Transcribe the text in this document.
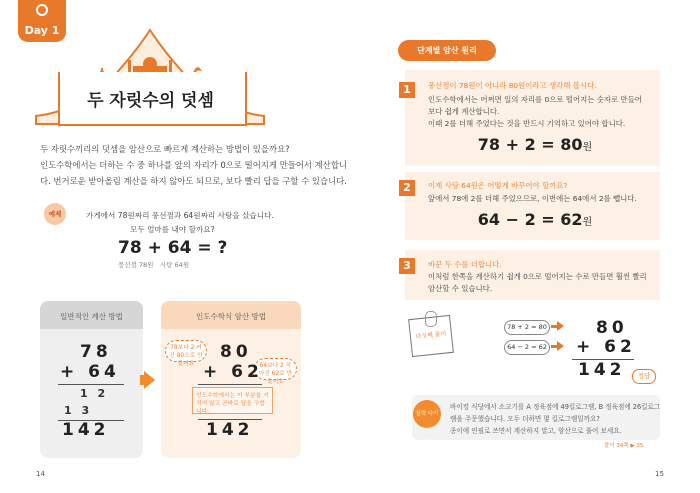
Day 1
두 자릿수의 덧셈
두 자릿수끼리의 덧셈을 암산으로 빠르게 계산하는 방법이 있을까요?
인도수학에서는 더하는 수 중 하나를 앞의 자리가 0으로 떨어지게 만들어서 계산합니
다. 번거로운 받아올림 계산을 하지 않아도 되므로, 보다 빨리 답을 구할 수 있습니다.
예제	가게에서 78원짜리 풍선껌과 64원짜리 사탕을 샀습니다.
모두 얼마를 내야 할까요?
78 + 64 = ?
풍선껌 78원 사탕 64원
일반적인 계산 방법
78
+ 64
1 2
1 3
142
인도수학식 암산 방법
78보다 2 커진 80으로 만들어요	64보다 2 작아진 62로 만들어요
80
+ 62
인도수학에서는 이 부분을 거치지 않고 곧바로 답을 구합니다.
142
14
단계별 암산 원리
1	풍선껌이 78원이 아니라 80원이라고 생각해 봅시다.
인도수학에서는 어쩌면 일의 자리를 0으로 떨어지는 숫자로 만들어
보다 쉽게 계산합니다.
이때 2를 더해 주었다는 것을 반드시 기억하고 있어야 합니다.
78 + 2 = 80원
2	이제 사탕 64원은 어떻게 바꾸어야 할까요?
앞에서 78에 2를 더해 주었으므로, 이번에는 64에서 2를 뺍니다.
64 − 2 = 62원
3	바꾼 두 수를 더합니다.
이처럼 한쪽을 계산하기 쉽게 0으로 떨어지는 수로 만들면 훨씬 빨리
암산할 수 있습니다.
다섯째 풀이
78 + 2 = 80
64 − 2 = 62
80
+ 62
142	정답
실력 다지기!
바이킹 식당에서 소고기를 A 정육점에 49킬로그램, B 정육점에 26킬로그
램을 주문했습니다. 모두 더하면 몇 킬로그램일까요?
종이에 연필로 쓰면서 계산하지 말고, 암산으로 풀어 보세요.
풀이 34쪽 ▶ 35
15
